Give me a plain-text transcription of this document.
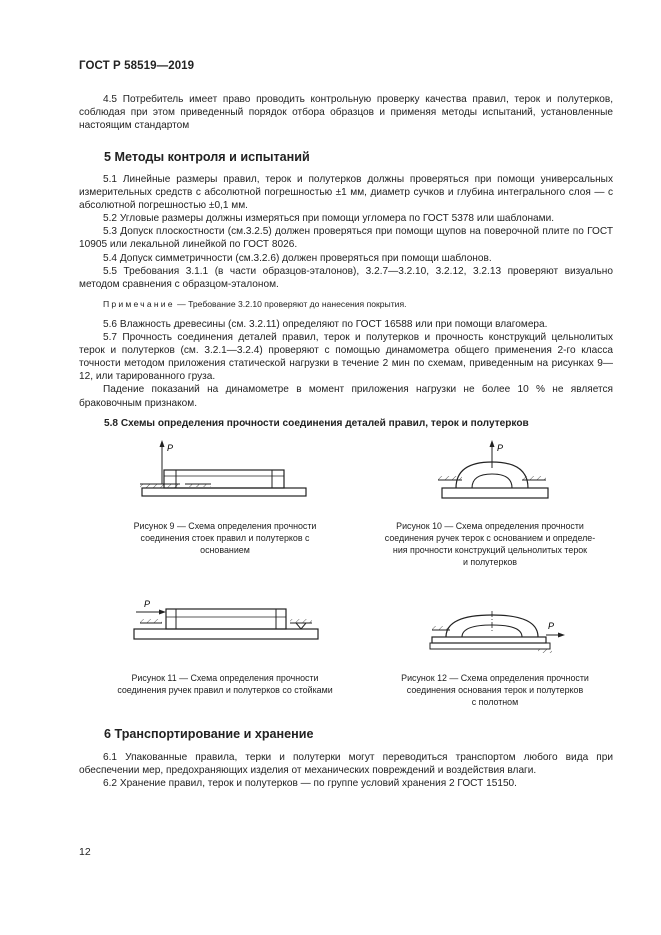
ГОСТ Р 58519—2019

4.5 Потребитель имеет право проводить контрольную проверку качества правил, терок и полутерков, соблюдая при этом приведенный порядок отбора образцов и применяя методы испытаний, установленные настоящим стандартом

5 Методы контроля и испытаний

5.1 Линейные размеры правил, терок и полутерков должны проверяться при помощи универсальных измерительных средств с абсолютной погрешностью ±1 мм, диаметр сучков и глубина интегрального слоя — с абсолютной погрешностью ±0,1 мм.

5.2 Угловые размеры должны измеряться при помощи угломера по ГОСТ 5378 или шаблонами.

5.3 Допуск плоскостности (см.3.2.5) должен проверяться при помощи щупов на поверочной плите по ГОСТ 10905 или лекальной линейкой по ГОСТ 8026.

5.4 Допуск симметричности (см.3.2.6) должен проверяться при помощи шаблонов.

5.5 Требования 3.1.1 (в части образцов-эталонов), 3.2.7—3.2.10, 3.2.12, 3.2.13 проверяют визуально методом сравнения с образцом-эталоном.

Примечание — Требование 3.2.10 проверяют до нанесения покрытия.

5.6 Влажность древесины (см. 3.2.11) определяют по ГОСТ 16588 или при помощи влагомера.

5.7 Прочность соединения деталей правил, терок и полутерков и прочность конструкций цельнолитых терок и полутерков (см. 3.2.1—3.2.4) проверяют с помощью динамометра общего применения 2-го класса точности методом приложения статической нагрузки в течение 2 мин по схемам, приведенным на рисунках 9—12, или тарированного груза.

Падение показаний на динамометре в момент приложения нагрузки не более 10 % не является браковочным признаком.

5.8 Схемы определения прочности соединения деталей правил, терок и полутерков
P
Рисунок 9 — Схема определения прочности
соединения стоек правил и полутерков с
основанием
P
Рисунок 10 — Схема определения прочности
соединения ручек терок с основанием и определе-
ния прочности конструкций цельнолитых терок
и полутерков
P
Рисунок 11 — Схема определения прочности
соединения ручек правил и полутерков со стойками
P
Рисунок 12 — Схема определения прочности
соединения основания терок и полутерков
с полотном
6 Транспортирование и хранение

6.1 Упакованные правила, терки и полутерки могут переводиться транспортом любого вида при обеспечении мер, предохраняющих изделия от механических повреждений и воздействия влаги.

6.2 Хранение правил, терок и полутерков — по группе условий хранения 2 ГОСТ 15150.

12
